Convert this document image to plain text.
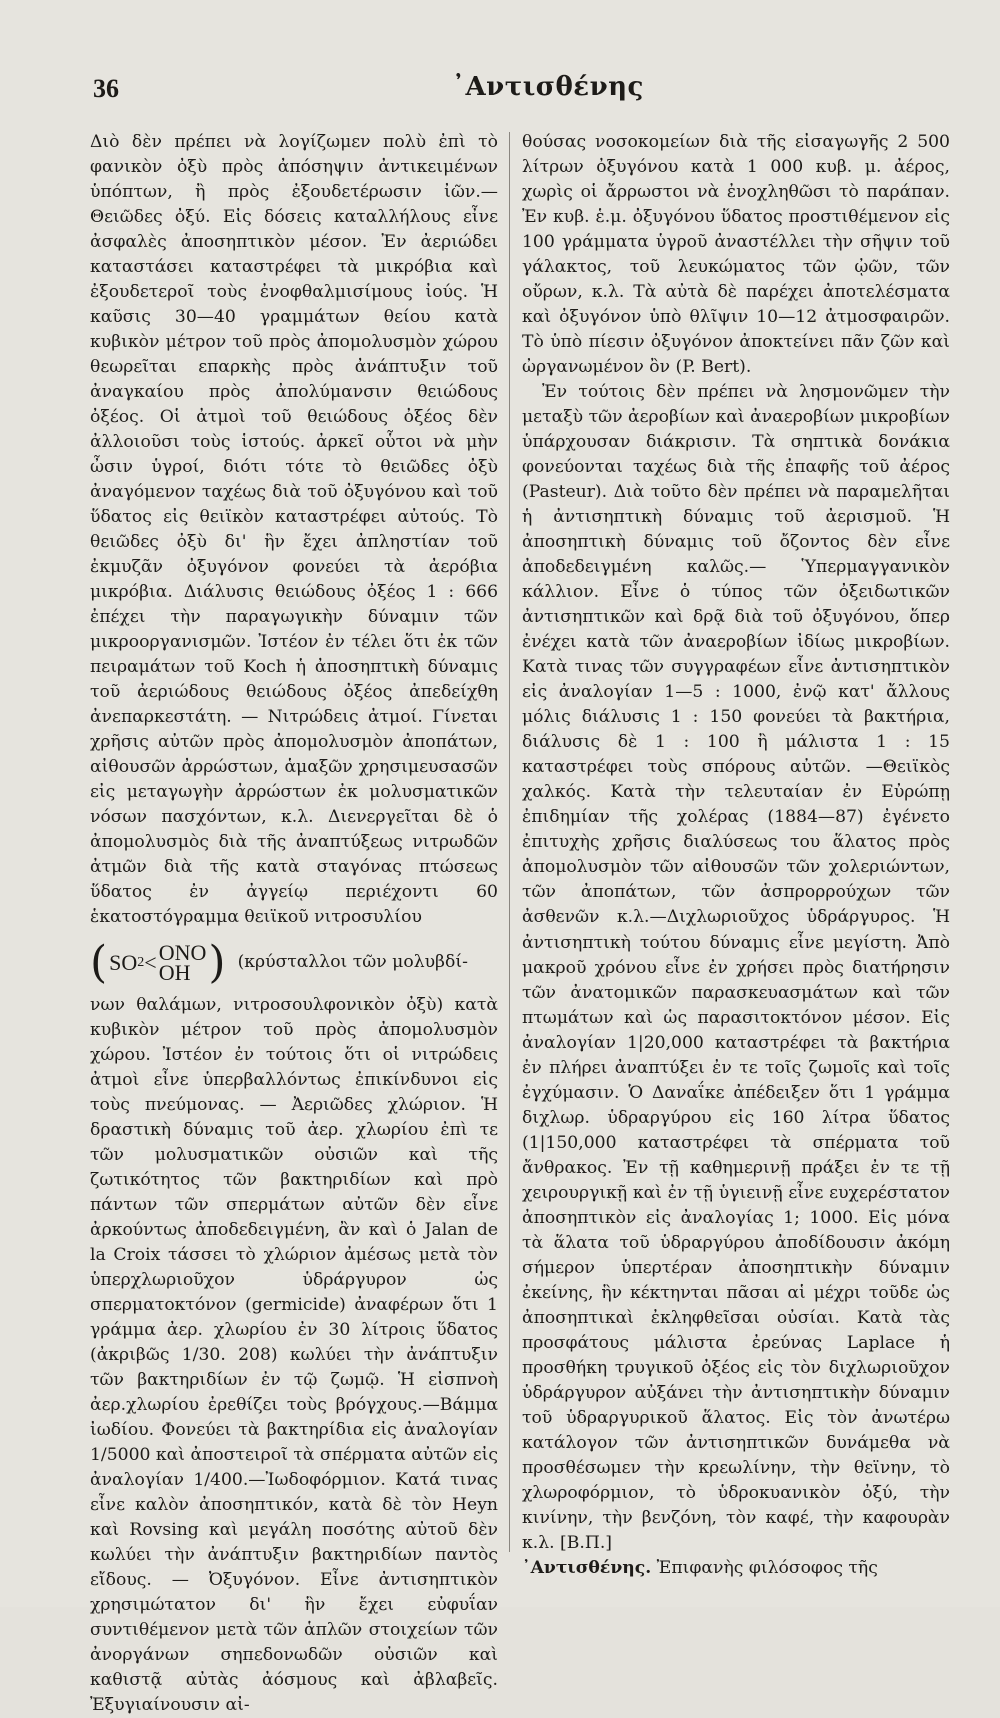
36	᾿Αντισθένης

Διὸ δὲν πρέπει νὰ λογίζωμεν πολὺ ἐπὶ τὸ φανικὸν ὀξὺ πρὸς ἀπόσηψιν ἀντικειμένων ὑπόπτων, ἢ πρὸς ἐξουδετέρωσιν ἰῶν.—Θειῶδες ὀξύ. Εἰς δόσεις καταλλήλους εἶνε ἀσφαλὲς ἀποσηπτικὸν μέσον. Ἐν ἀεριώδει καταστάσει καταστρέφει τὰ μικρόβια καὶ ἐξουδετεροῖ τοὺς ἐνοφθαλμισίμους ἰούς. Ἡ καῦσις 30—40 γραμμάτων θείου κατὰ κυβικὸν μέτρον τοῦ πρὸς ἀπομολυσμὸν χώρου θεωρεῖται επαρκὴς πρὸς ἀνάπτυξιν τοῦ ἀναγκαίου πρὸς ἀπολύμανσιν θειώδους ὀξέος. Οἱ ἀτμοὶ τοῦ θειώδους ὀξέος δὲν ἀλλοιοῦσι τοὺς ἱστούς. ἀρκεῖ οὗτοι νὰ μὴν ὦσιν ὑγροί, διότι τότε τὸ θειῶδες ὀξὺ ἀναγόμενον ταχέως διὰ τοῦ ὀξυγόνου καὶ τοῦ ὕδατος εἰς θειϊκὸν καταστρέφει αὐτούς. Τὸ θειῶδες ὀξὺ δι' ἣν ἔχει ἀπληστίαν τοῦ ἐκμυζᾶν ὀξυγόνον φονεύει τὰ ἀερόβια μικρόβια. Διάλυσις θειώδους ὀξέος 1 : 666 ἐπέχει τὴν παραγωγικὴν δύναμιν τῶν μικροοργανισμῶν. Ἰστέον ἐν τέλει ὅτι ἐκ τῶν πειραμάτων τοῦ Koch ἡ ἀποσηπτικὴ δύναμις τοῦ ἀεριώδους θειώδους ὀξέος ἀπεδείχθη ἀνεπαρκεστάτη. — Νιτρώδεις ἀτμοί. Γίνεται χρῆσις αὐτῶν πρὸς ἀπομολυσμὸν ἀποπάτων, αἰθουσῶν ἀρρώστων, ἁμαξῶν χρησιμευσασῶν εἰς μεταγωγὴν ἀρρώστων ἐκ μολυσματικῶν νόσων πασχόντων, κ.λ. Διενεργεῖται δὲ ὁ ἀπομολυσμὸς διὰ τῆς ἀναπτύξεως νιτρωδῶν ἀτμῶν διὰ τῆς κατὰ σταγόνας πτώσεως ὕδατος ἐν ἀγγείῳ περιέχοντι 60 ἑκατοστόγραμμα θειϊκοῦ νιτροσυλίου

( SO 2 < ONO
OH ) (κρύσταλλοι τῶν μολυβδί-

νων θαλάμων, νιτροσουλφονικὸν ὀξὺ) κατὰ κυβικὸν μέτρον τοῦ πρὸς ἀπομολυσμὸν χώρου. Ἰστέον ἐν τούτοις ὅτι οἱ νιτρώδεις ἀτμοὶ εἶνε ὑπερβαλλόντως ἐπικίνδυνοι εἰς τοὺς πνεύμονας. — Ἀεριῶδες χλώριον. Ἡ δραστικὴ δύναμις τοῦ ἀερ. χλωρίου ἐπὶ τε τῶν μολυσματικῶν οὐσιῶν καὶ τῆς ζωτικότητος τῶν βακτηριδίων καὶ πρὸ πάντων τῶν σπερμάτων αὐτῶν δὲν εἶνε ἀρκούντως ἀποδεδειγμένη, ἂν καὶ ὁ Jalan de la Croix τάσσει τὸ χλώριον ἀμέσως μετὰ τὸν ὑπερχλωριοῦχον ὑδράργυρον ὡς σπερματοκτόνον (germicide) ἀναφέρων ὅτι 1 γράμμα ἀερ. χλωρίου ἐν 30 λίτροις ὕδατος (ἀκριβῶς 1/30. 208) κωλύει τὴν ἀνάπτυξιν τῶν βακτηριδίων ἐν τῷ ζωμῷ. Ἡ εἰσπνοὴ ἀερ.χλωρίου ἐρεθίζει τοὺς βρόγχους.—Βάμμα ἰωδίου. Φονεύει τὰ βακτηρίδια εἰς ἀναλογίαν 1/5000 καὶ ἀποστειροῖ τὰ σπέρματα αὐτῶν εἰς ἀναλογίαν 1/400.—Ἰωδοφόρμιον. Κατά τινας εἶνε καλὸν ἀποσηπτικόν, κατὰ δὲ τὸν Heyn καὶ Rovsing καὶ μεγάλη ποσότης αὐτοῦ δὲν κωλύει τὴν ἀνάπτυξιν βακτηριδίων παντὸς εἴδους. — Ὀξυγόνον. Εἶνε ἀντισηπτικὸν χρησιμώτατον δι' ἣν ἔχει εὐφυΐαν συντιθέμενον μετὰ τῶν ἁπλῶν στοιχείων τῶν ἀνοργάνων σηπεδονωδῶν οὐσιῶν καὶ καθιστᾷ αὐτὰς ἀόσμους καὶ ἀβλαβεῖς. Ἐξυγιαίνουσιν αἰ-

θούσας νοσοκομείων διὰ τῆς εἰσαγωγῆς 2 500 λίτρων ὀξυγόνου κατὰ 1 000 κυβ. μ. ἀέρος, χωρὶς οἱ ἄρρωστοι νὰ ἐνοχληθῶσι τὸ παράπαν. Ἐν κυβ. ἑ.μ. ὀξυγόνου ὕδατος προστιθέμενον εἰς 100 γράμματα ὑγροῦ ἀναστέλλει τὴν σῆψιν τοῦ γάλακτος, τοῦ λευκώματος τῶν ᾠῶν, τῶν οὔρων, κ.λ. Τὰ αὐτὰ δὲ παρέχει ἀποτελέσματα καὶ ὀξυγόνον ὑπὸ θλῖψιν 10—12 ἀτμοσφαιρῶν. Τὸ ὑπὸ πίεσιν ὀξυγόνον ἀποκτείνει πᾶν ζῶν καὶ ὠργανωμένον ὂν (P. Bert).

Ἐν τούτοις δὲν πρέπει νὰ λησμονῶμεν τὴν μεταξὺ τῶν ἀεροβίων καὶ ἀναεροβίων μικροβίων ὑπάρχουσαν διάκρισιν. Τὰ σηπτικὰ δονάκια φονεύονται ταχέως διὰ τῆς ἐπαφῆς τοῦ ἀέρος (Pasteur). Διὰ τοῦτο δὲν πρέπει νὰ παραμελῆται ἡ ἀντισηπτικὴ δύναμις τοῦ ἀερισμοῦ. Ἡ ἀποσηπτικὴ δύναμις τοῦ ὄζοντος δὲν εἶνε ἀποδεδειγμένη καλῶς.— Ὑπερμαγγανικὸν κάλλιον. Εἶνε ὁ τύπος τῶν ὀξειδωτικῶν ἀντισηπτικῶν καὶ δρᾷ διὰ τοῦ ὀξυγόνου, ὅπερ ἐνέχει κατὰ τῶν ἀναεροβίων ἰδίως μικροβίων. Κατὰ τινας τῶν συγγραφέων εἶνε ἀντισηπτικὸν εἰς ἀναλογίαν 1—5 : 1000, ἐνῷ κατ' ἄλλους μόλις διάλυσις 1 : 150 φονεύει τὰ βακτήρια, διάλυσις δὲ 1 : 100 ἢ μάλιστα 1 : 15 καταστρέφει τοὺς σπόρους αὐτῶν. —Θειϊκὸς χαλκός. Κατὰ τὴν τελευταίαν ἐν Εὐρώπῃ ἐπιδημίαν τῆς χολέρας (1884—87) ἐγένετο ἐπιτυχὴς χρῆσις διαλύσεως του ἅλατος πρὸς ἀπομολυσμὸν τῶν αἰθουσῶν τῶν χολεριώντων, τῶν ἀποπάτων, τῶν ἀσπρορρούχων τῶν ἀσθενῶν κ.λ.—Διχλωριοῦχος ὑδράργυρος. Ἡ ἀντισηπτικὴ τούτου δύναμις εἶνε μεγίστη. Ἀπὸ μακροῦ χρόνου εἶνε ἐν χρήσει πρὸς διατήρησιν τῶν ἀνατομικῶν παρασκευασμάτων καὶ τῶν πτωμάτων καὶ ὡς παρασιτοκτόνον μέσον. Εἰς ἀναλογίαν 1|20,000 καταστρέφει τὰ βακτήρια ἐν πλήρει ἀναπτύξει ἐν τε τοῖς ζωμοῖς καὶ τοῖς ἐγχύμασιν. Ὁ Δαναΐκε ἀπέδειξεν ὅτι 1 γράμμα διχλωρ. ὑδραργύρου εἰς 160 λίτρα ὕδατος (1|150,000 καταστρέφει τὰ σπέρματα τοῦ ἄνθρακος. Ἐν τῇ καθημερινῇ πράξει ἐν τε τῇ χειρουργικῇ καὶ ἐν τῇ ὑγιεινῇ εἶνε ευχερέστατον ἀποσηπτικὸν εἰς ἀναλογίας 1; 1000. Εἰς μόνα τὰ ἅλατα τοῦ ὑδραργύρου ἀποδίδουσιν ἀκόμη σήμερον ὑπερτέραν ἀποσηπτικὴν δύναμιν ἐκείνης, ἣν κέκτηνται πᾶσαι αἱ μέχρι τοῦδε ὡς ἀποσηπτικαὶ ἐκληφθεῖσαι οὐσίαι. Κατὰ τὰς προσφάτους μάλιστα ἐρεύνας Laplace ἡ προσθήκη τρυγικοῦ ὀξέος εἰς τὸν διχλωριοῦχον ὑδράργυρον αὐξάνει τὴν ἀντισηπτικὴν δύναμιν τοῦ ὑδραργυρικοῦ ἅλατος. Εἰς τὸν ἀνωτέρω κατάλογον τῶν ἀντισηπτικῶν δυνάμεθα νὰ προσθέσωμεν τὴν κρεωλίνην, τὴν θεϊνην, τὸ χλωροφόρμιον, τὸ ὑδροκυανικὸν ὀξύ, τὴν κινίνην, τὴν βενζόνη, τὸν καφέ, τὴν καφουρὰν κ.λ. [Β.Π.]

᾿Αντισθένης. Ἐπιφανὴς φιλόσοφος τῆς
